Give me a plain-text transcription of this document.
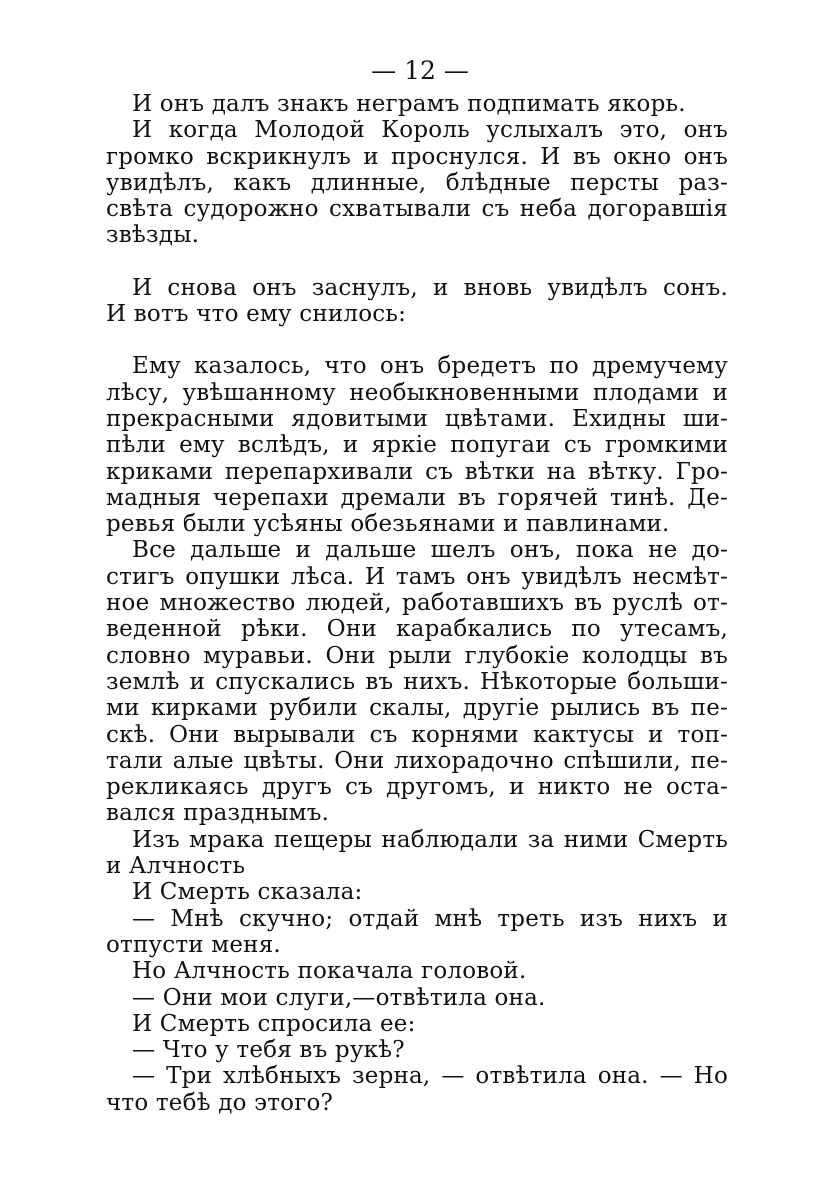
— 12 —
И онъ далъ знакъ неграмъ подпимать якорь.
И когда Молодой Король услыхалъ это, онъ
громко вскрикнулъ и проснулся. И въ окно онъ
увидѣлъ, какъ длинные, блѣдные персты раз-
свѣта судорожно схватывали съ неба догоравшія
звѣзды.
И снова онъ заснулъ, и вновь увидѣлъ сонъ.
И вотъ что ему снилось:
Ему казалось, что онъ бредетъ по дремучему
лѣсу, увѣшанному необыкновенными плодами и
прекрасными ядовитыми цвѣтами. Ехидны ши-
пѣли ему вслѣдъ, и яркіе попугаи съ громкими
криками перепархивали съ вѣтки на вѣтку. Гро-
мадныя черепахи дремали въ горячей тинѣ. Де-
ревья были усѣяны обезьянами и павлинами.
Все дальше и дальше шелъ онъ, пока не до-
стигъ опушки лѣса. И тамъ онъ увидѣлъ несмѣт-
ное множество людей, работавшихъ въ руслѣ от-
веденной рѣки. Они карабкались по утесамъ,
словно муравьи. Они рыли глубокіе колодцы въ
землѣ и спускались въ нихъ. Нѣкоторые больши-
ми кирками рубили скалы, другіе рылись въ пе-
скѣ. Они вырывали съ корнями кактусы и топ-
тали алые цвѣты. Они лихорадочно спѣшили, пе-
рекликаясь другъ съ другомъ, и никто не оста-
вался празднымъ.
Изъ мрака пещеры наблюдали за ними Смерть
и Алчность
И Смерть сказала:
— Мнѣ скучно; отдай мнѣ треть изъ нихъ и
отпусти меня.
Но Алчность покачала головой.
— Они мои слуги,—отвѣтила она.
И Смерть спросила ее:
— Что у тебя въ рукѣ?
— Три хлѣбныхъ зерна, — отвѣтила она. — Но
что тебѣ до этого?
